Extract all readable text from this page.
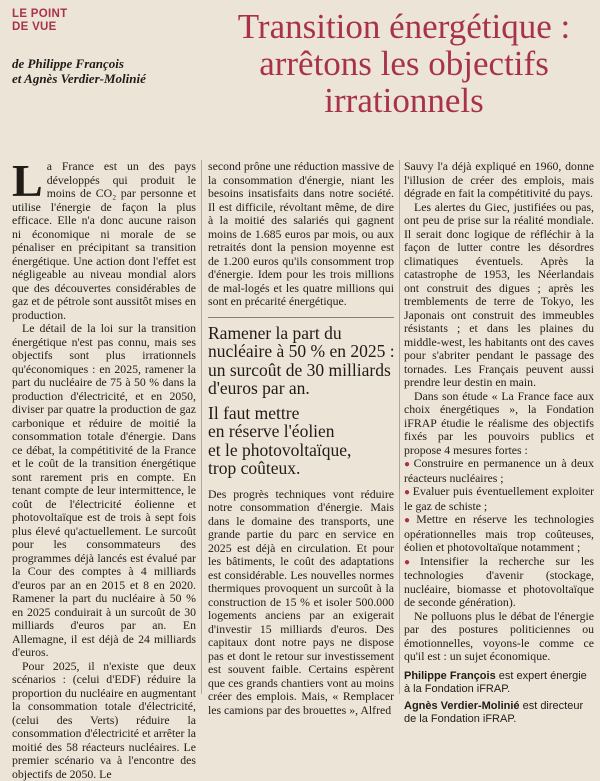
LE POINT
DE VUE
de Philippe François
et Agnès Verdier-Molinié
Transition énergétique :
arrêtons les objectifs
irrationnels

La France est un des pays développés qui produit le moins de CO₂ par personne et utilise l'énergie de façon la plus efficace. Elle n'a donc aucune raison ni économique ni morale de se pénaliser en précipitant sa transition énergétique. Une action dont l'effet est négligeable au niveau mondial alors que des découvertes considérables de gaz et de pétrole sont aussitôt mises en production.

Le détail de la loi sur la transition énergétique n'est pas connu, mais ses objectifs sont plus irrationnels qu'économiques : en 2025, ramener la part du nucléaire de 75 à 50 % dans la production d'électricité, et en 2050, diviser par quatre la production de gaz carbonique et réduire de moitié la consommation totale d'énergie. Dans ce débat, la compétitivité de la France et le coût de la transition énergétique sont rarement pris en compte. En tenant compte de leur intermittence, le coût de l'électricité éolienne et photovoltaïque est de trois à sept fois plus élevé qu'actuellement. Le surcoût pour les consommateurs des programmes déjà lancés est évalué par la Cour des comptes à 4 milliards d'euros par an en 2015 et 8 en 2020. Ramener la part du nucléaire à 50 % en 2025 conduirait à un surcoût de 30 milliards d'euros par an. En Allemagne, il est déjà de 24 milliards d'euros.

Pour 2025, il n'existe que deux scénarios : (celui d'EDF) réduire la proportion du nucléaire en augmentant la consommation totale d'électricité, (celui des Verts) réduire la consommation d'électricité et arrêter la moitié des 58 réacteurs nucléaires. Le premier scénario va à l'encontre des objectifs de 2050. Le

second prône une réduction massive de la consommation d'énergie, niant les besoins insatisfaits dans notre société. Il est difficile, révoltant même, de dire à la moitié des salariés qui gagnent moins de 1.685 euros par mois, ou aux retraités dont la pension moyenne est de 1.200 euros qu'ils consomment trop d'énergie. Idem pour les trois millions de mal-logés et les quatre millions qui sont en précarité énergétique.

Ramener la part du
nucléaire à 50 % en 2025 :
un surcoût de 30 milliards
d'euros par an.
Il faut mettre
en réserve l'éolien
et le photovoltaïque,
trop coûteux.

Des progrès techniques vont réduire notre consommation d'énergie. Mais dans le domaine des transports, une grande partie du parc en service en 2025 est déjà en circulation. Et pour les bâtiments, le coût des adaptations est considérable. Les nouvelles normes thermiques provoquent un surcoût à la construction de 15 % et isoler 500.000 logements anciens par an exigerait d'investir 15 milliards d'euros. Des capitaux dont notre pays ne dispose pas et dont le retour sur investissement est souvent faible. Certains espèrent que ces grands chantiers vont au moins créer des emplois. Mais, « Remplacer les camions par des brouettes », Alfred

Sauvy l'a déjà expliqué en 1960, donne l'illusion de créer des emplois, mais dégrade en fait la compétitivité du pays.

Les alertes du Giec, justifiées ou pas, ont peu de prise sur la réalité mondiale. Il serait donc logique de réfléchir à la façon de lutter contre les désordres climatiques éventuels. Après la catastrophe de 1953, les Néerlandais ont construit des digues ; après les tremblements de terre de Tokyo, les Japonais ont construit des immeubles résistants ; et dans les plaines du middle-west, les habitants ont des caves pour s'abriter pendant le passage des tornades. Les Français peuvent aussi prendre leur destin en main.

Dans son étude « La France face aux choix énergétiques », la Fondation iFRAP étudie le réalisme des objectifs fixés par les pouvoirs publics et propose 4 mesures fortes :

● Construire en permanence un à deux réacteurs nucléaires ;

● Evaluer puis éventuellement exploiter le gaz de schiste ;

● Mettre en réserve les technologies opérationnelles mais trop coûteuses, éolien et photovoltaïque notamment ;

● Intensifier la recherche sur les technologies d'avenir (stockage, nucléaire, biomasse et photovoltaïque de seconde génération).

Ne polluons plus le débat de l'énergie par des postures politiciennes ou émotionnelles, voyons-le comme ce qu'il est : un sujet économique.

Philippe François est expert énergie à la Fondation iFRAP.

Agnès Verdier-Molinié est directeur de la Fondation iFRAP.
